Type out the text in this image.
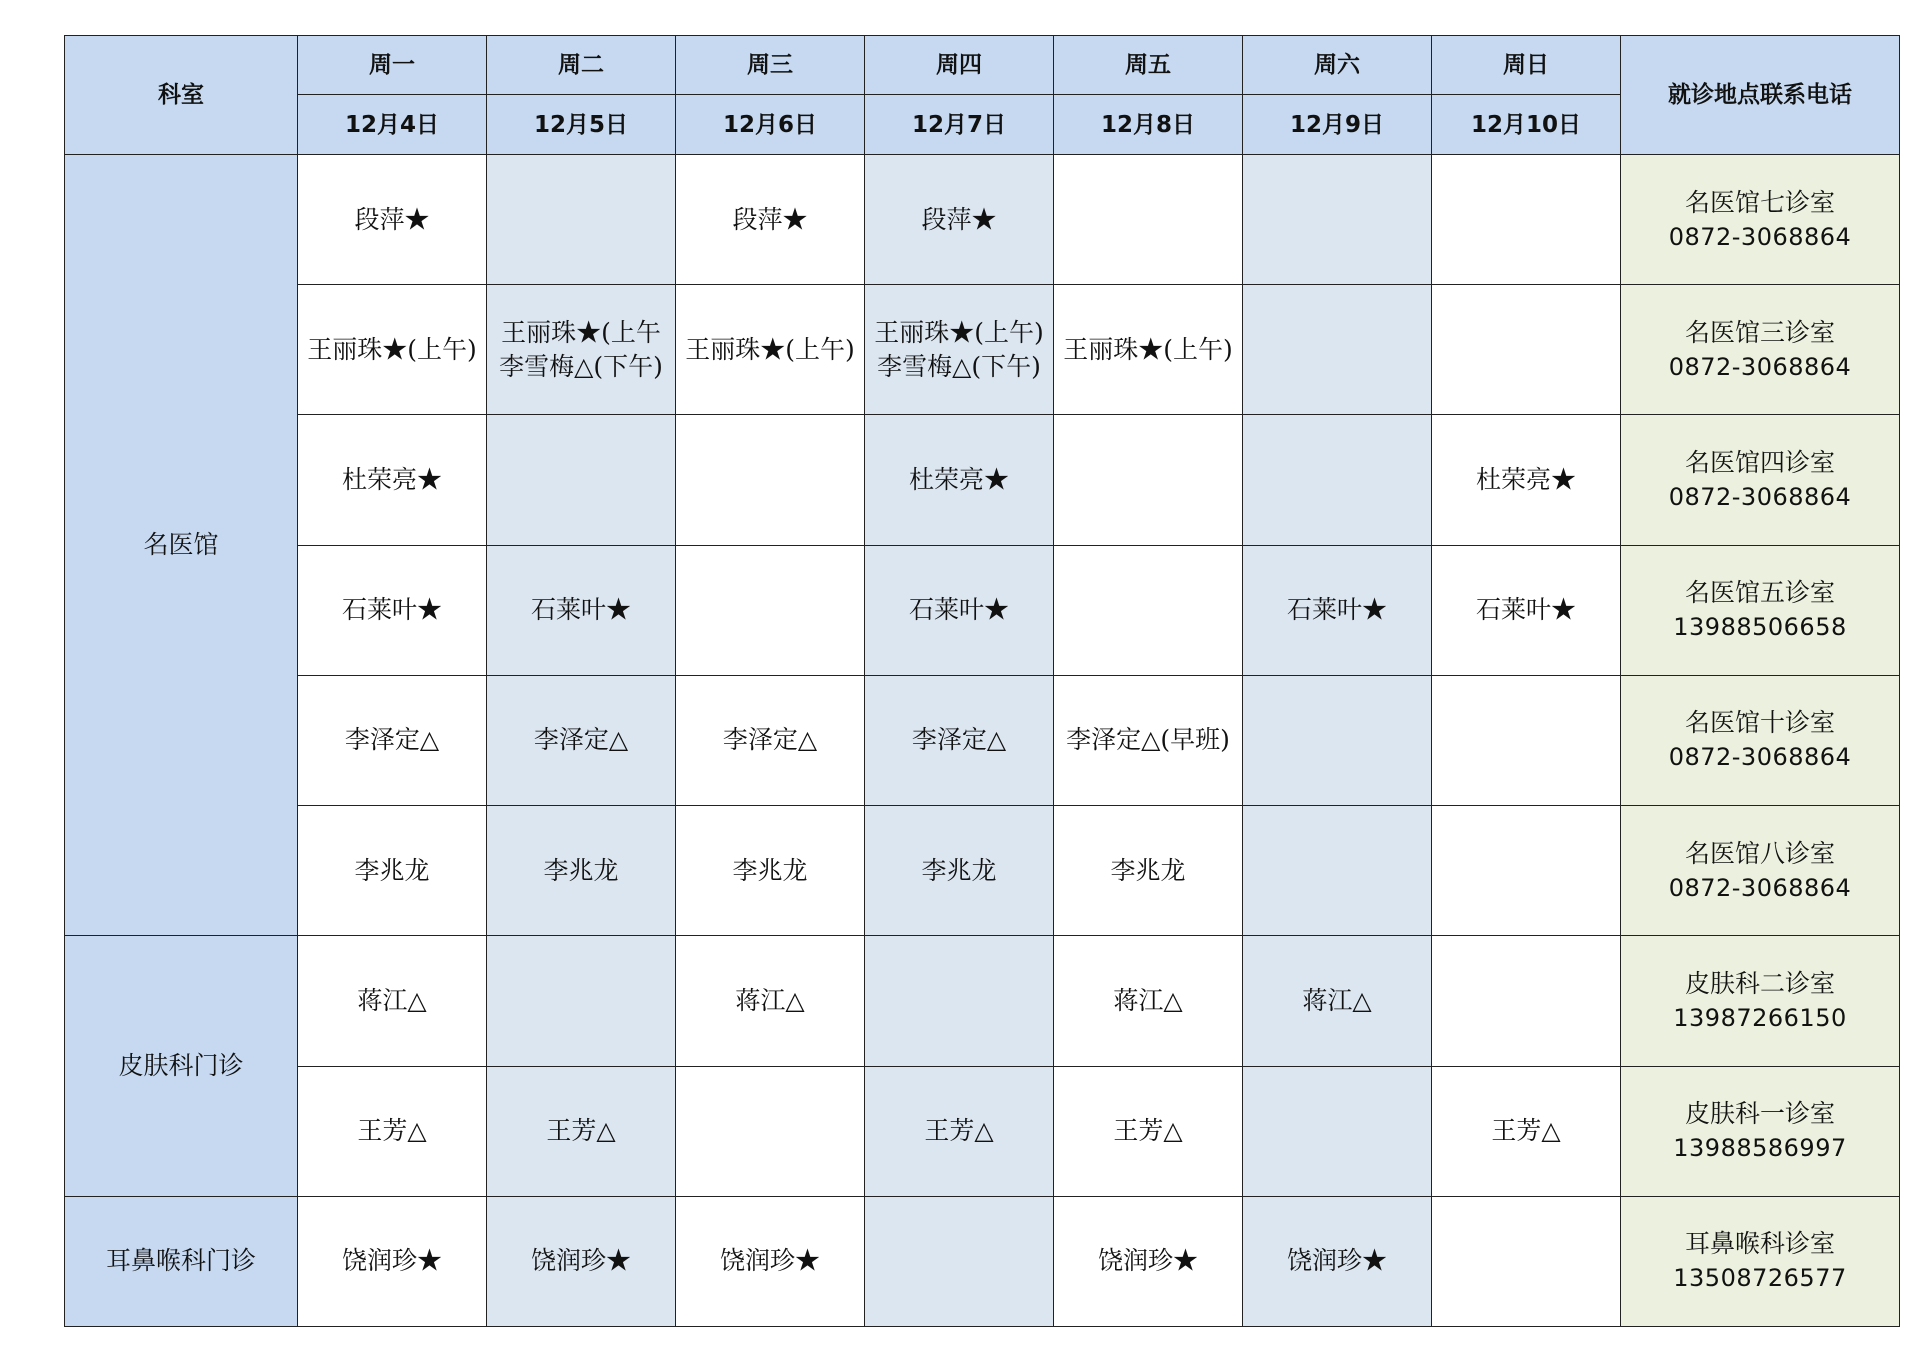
科室	周一	周二	周三	周四	周五	周六	周日	就诊地点联系电话
	12月4日	12月5日	12月6日	12月7日	12月8日	12月9日	12月10日	
名医馆	段萍★		段萍★	段萍★				名医馆七诊室
0872-3068864

	王丽珠★(上午)	王丽珠★(上午
李雪梅△(下午)	王丽珠★(上午)	王丽珠★(上午)
李雪梅△(下午)	王丽珠★(上午)			名医馆三诊室
0872-3068864

	杜荣亮★			杜荣亮★			杜荣亮★	名医馆四诊室
0872-3068864

	石莱叶★	石莱叶★		石莱叶★		石莱叶★	石莱叶★	名医馆五诊室
13988506658

	李泽定△	李泽定△	李泽定△	李泽定△	李泽定△(早班)			名医馆十诊室
0872-3068864

	李兆龙	李兆龙	李兆龙	李兆龙	李兆龙			名医馆八诊室
0872-3068864

皮肤科门诊	蒋江△		蒋江△		蒋江△	蒋江△		皮肤科二诊室
13987266150

	王芳△	王芳△		王芳△	王芳△		王芳△	皮肤科一诊室
13988586997

耳鼻喉科门诊	饶润珍★	饶润珍★	饶润珍★		饶润珍★	饶润珍★		耳鼻喉科诊室
13508726577
